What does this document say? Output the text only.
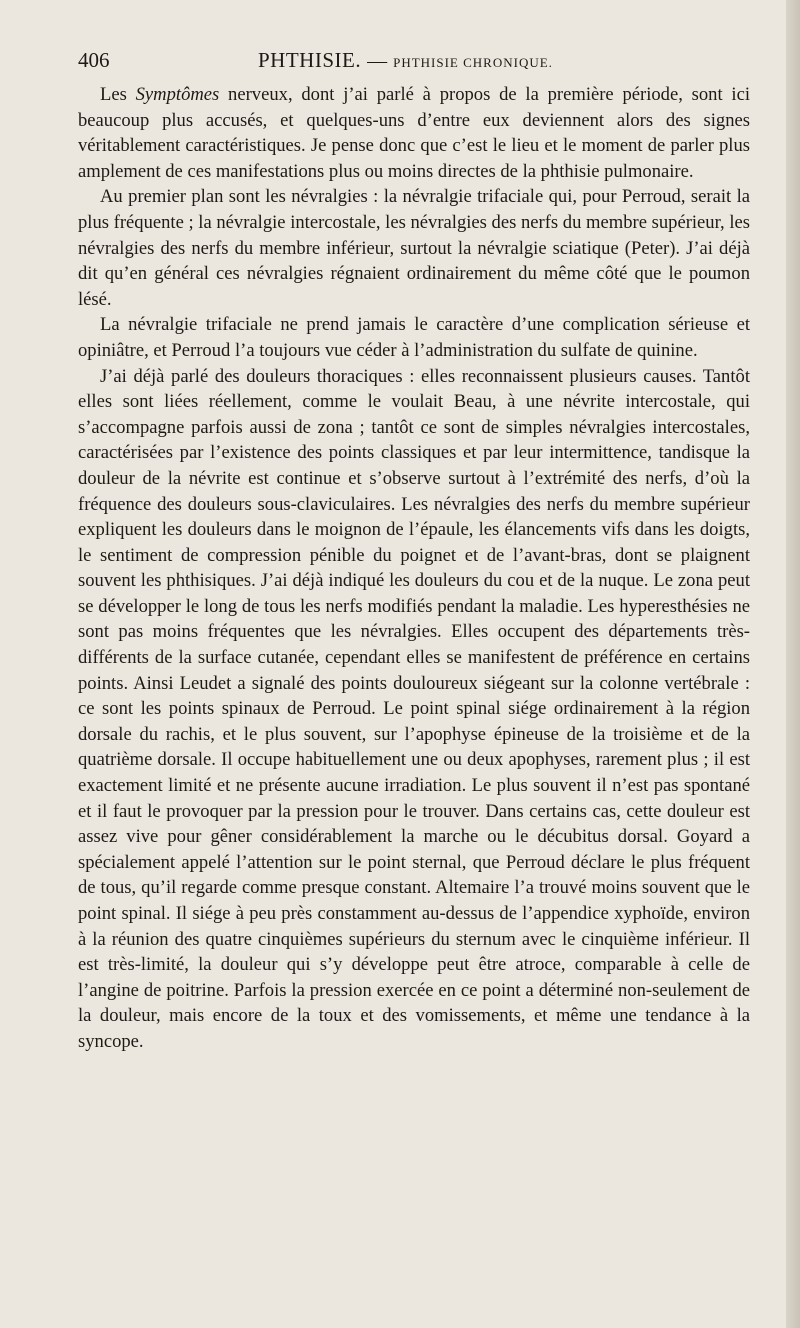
406	PHTHISIE. — PHTHISIE CHRONIQUE.

Les Symptômes nerveux, dont j’ai parlé à propos de la première période, sont ici beaucoup plus accusés, et quelques-uns d’entre eux deviennent alors des signes véritablement caractéristiques. Je pense donc que c’est le lieu et le moment de parler plus amplement de ces manifestations plus ou moins directes de la phthisie pulmonaire.

Au premier plan sont les névralgies : la névralgie trifaciale qui, pour Perroud, serait la plus fréquente ; la névralgie intercostale, les névralgies des nerfs du membre supérieur, les névralgies des nerfs du membre inférieur, surtout la névralgie sciatique (Peter). J’ai déjà dit qu’en général ces névralgies régnaient ordinairement du même côté que le poumon lésé.

La névralgie trifaciale ne prend jamais le caractère d’une complication sérieuse et opiniâtre, et Perroud l’a toujours vue céder à l’administration du sulfate de quinine.

J’ai déjà parlé des douleurs thoraciques : elles reconnaissent plusieurs causes. Tantôt elles sont liées réellement, comme le voulait Beau, à une névrite intercostale, qui s’accompagne parfois aussi de zona ; tantôt ce sont de simples névralgies intercostales, caractérisées par l’existence des points classiques et par leur intermittence, tandisque la douleur de la névrite est continue et s’observe surtout à l’extrémité des nerfs, d’où la fréquence des douleurs sous-claviculaires. Les névralgies des nerfs du membre supérieur expliquent les douleurs dans le moignon de l’épaule, les élancements vifs dans les doigts, le sentiment de compression pénible du poignet et de l’avant-bras, dont se plaignent souvent les phthisiques. J’ai déjà indiqué les douleurs du cou et de la nuque. Le zona peut se développer le long de tous les nerfs modifiés pendant la maladie. Les hyperesthésies ne sont pas moins fréquentes que les névralgies. Elles occupent des départements très-différents de la surface cutanée, cependant elles se manifestent de préférence en certains points. Ainsi Leudet a signalé des points douloureux siégeant sur la colonne vertébrale : ce sont les points spinaux de Perroud. Le point spinal siége ordinairement à la région dorsale du rachis, et le plus souvent, sur l’apophyse épineuse de la troisième et de la quatrième dorsale. Il occupe habituellement une ou deux apophyses, rarement plus ; il est exactement limité et ne présente aucune irradiation. Le plus souvent il n’est pas spontané et il faut le provoquer par la pression pour le trouver. Dans certains cas, cette douleur est assez vive pour gêner considérablement la marche ou le décubitus dorsal. Goyard a spécialement appelé l’attention sur le point sternal, que Perroud déclare le plus fréquent de tous, qu’il regarde comme presque constant. Altemaire l’a trouvé moins souvent que le point spinal. Il siége à peu près constamment au-dessus de l’appendice xyphoïde, environ à la réunion des quatre cinquièmes supérieurs du sternum avec le cinquième inférieur. Il est très-limité, la douleur qui s’y développe peut être atroce, comparable à celle de l’angine de poitrine. Parfois la pression exercée en ce point a déterminé non-seulement de la douleur, mais encore de la toux et des vomissements, et même une tendance à la syncope.
